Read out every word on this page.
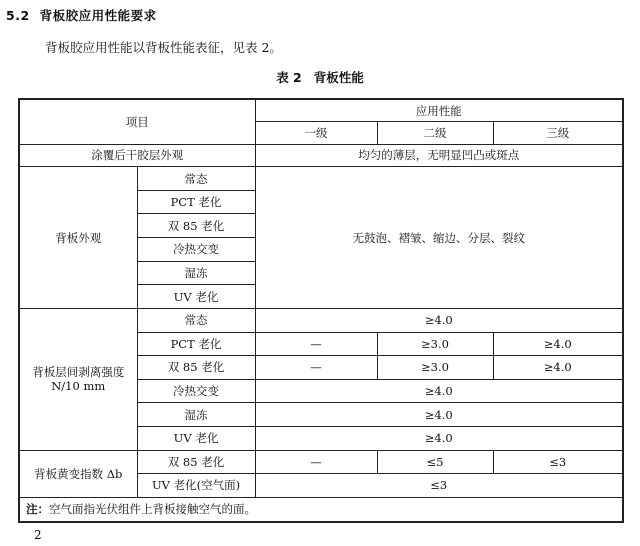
5.2 背板胶应用性能要求
背板胶应用性能以背板性能表征，见表 2。
表 2 背板性能
项目		应用性能		
		一级	二级	三级
涂覆后干胶层外观		均匀的薄层，无明显凹凸或斑点		
背板外观	常态	无鼓泡、褶皱、缩边、分层、裂纹		
	PCT 老化			
	双 85 老化			
	冷热交变			
	湿冻			
	UV 老化			

背板层间剥离强度
N/10 mm	常态	≥4.0		
	PCT 老化	—	≥3.0	≥4.0
	双 85 老化	—	≥3.0	≥4.0
	冷热交变	≥4.0		
	湿冻	≥4.0		
	UV 老化	≥4.0		
背板黄变指数 Δb	双 85 老化	—	≤5	≤3
	UV 老化(空气面)	≤3		
注：空气面指光伏组件上背板接触空气的面。				
2
